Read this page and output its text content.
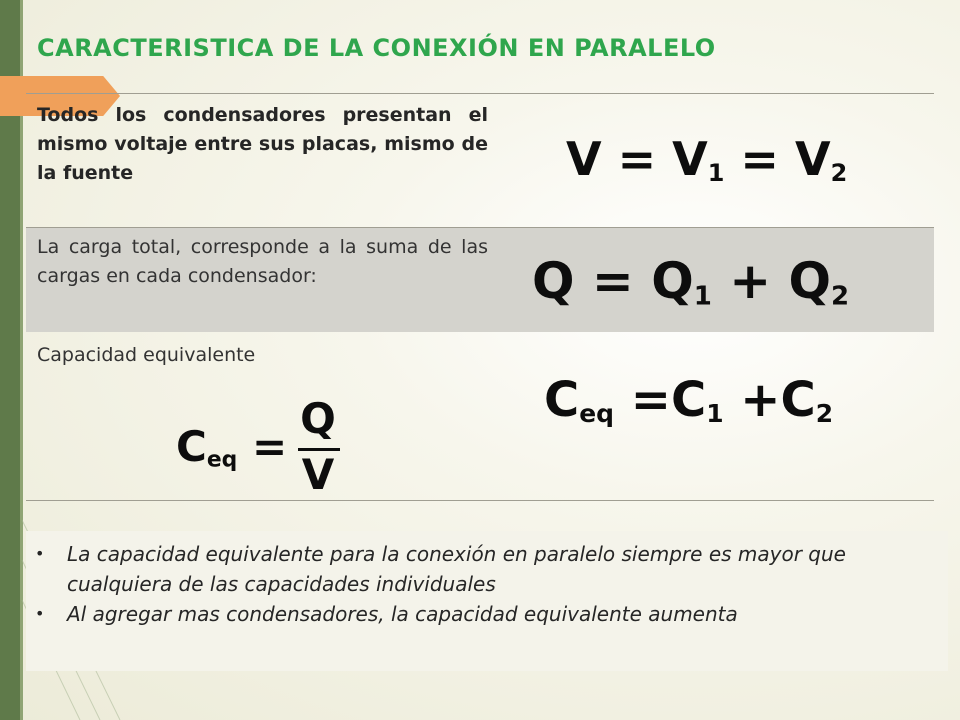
CARACTERISTICA DE LA CONEXIÓN EN PARALELO

Todos los condensadores presentan el mismo voltaje entre sus placas, mismo de la fuente	$V = V_1 = V_2$

La carga total, corresponde a la suma de las cargas en cada condensador:	$Q = Q_1 + Q_2$

Capacidad equivalente

$C_{eq} =C_1 +C_2$
$C_{eq}$ =
Q
V
• La capacidad equivalente para la conexión en paralelo siempre es mayor que cualquiera de las capacidades individuales
• Al agregar mas condensadores, la capacidad equivalente aumenta
